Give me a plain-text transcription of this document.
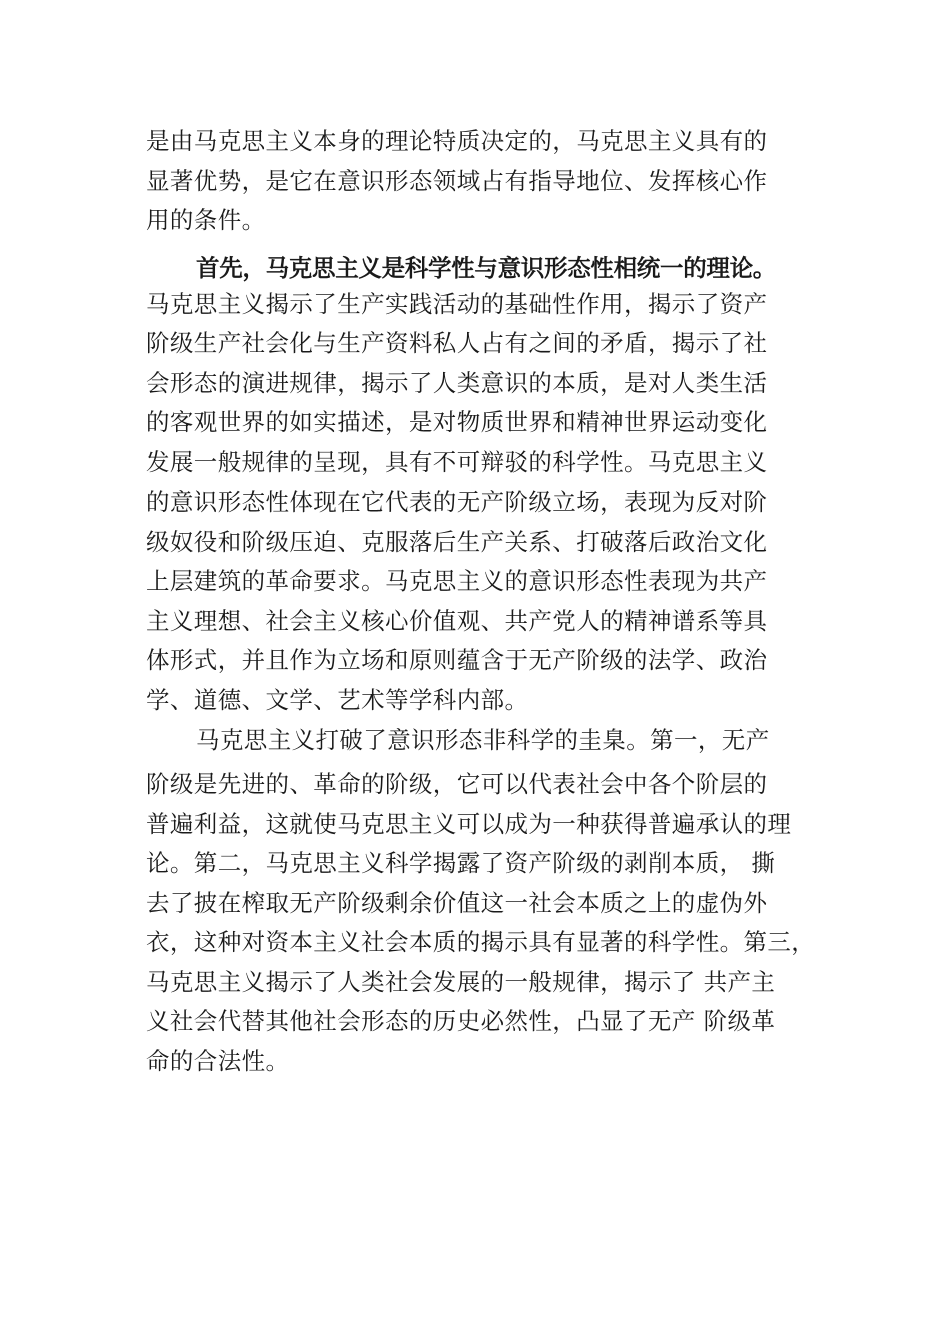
是由马克思主义本身的理论特质决定的，马克思主义具有的

显著优势，是它在意识形态领域占有指导地位、发挥核心作

用的条件。

首先，马克思主义是科学性与意识形态性相统一的理论。

马克思主义揭示了生产实践活动的基础性作用，揭示了资产

阶级生产社会化与生产资料私人占有之间的矛盾，揭示了社

会形态的演进规律，揭示了人类意识的本质，是对人类生活

的客观世界的如实描述，是对物质世界和精神世界运动变化

发展一般规律的呈现，具有不可辩驳的科学性。马克思主义

的意识形态性体现在它代表的无产阶级立场，表现为反对阶

级奴役和阶级压迫、克服落后生产关系、打破落后政治文化

上层建筑的革命要求。马克思主义的意识形态性表现为共产

主义理想、社会主义核心价值观、共产党人的精神谱系等具

体形式，并且作为立场和原则蕴含于无产阶级的法学、政治

学、道德、文学、艺术等学科内部。

马克思主义打破了意识形态非科学的圭臬。第一，无产

阶级是先进的、革命的阶级，它可以代表社会中各个阶层的

普遍利益，这就使马克思主义可以成为一种获得普遍承认的理

论。第二，马克思主义科学揭露了资产阶级的剥削本质， 撕

去了披在榨取无产阶级剩余价值这一社会本质之上的虚伪外

衣，这种对资本主义社会本质的揭示具有显著的科学性。第三，

马克思主义揭示了人类社会发展的一般规律，揭示了 共产主

义社会代替其他社会形态的历史必然性，凸显了无产 阶级革

命的合法性。
